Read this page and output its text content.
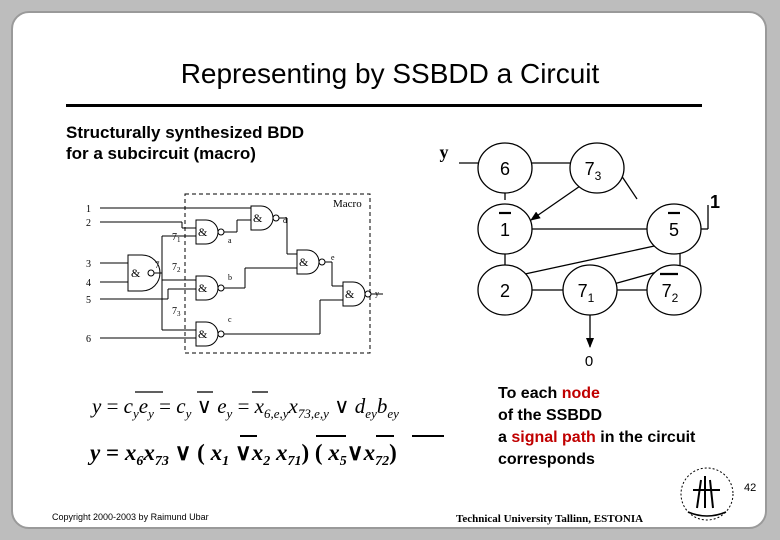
Representing by SSBDD a Circuit
Structurally synthesized BDD
for a subcircuit (macro)
1
2
3
4
5
6
Macro
&
&
&
&
&
&
&
7
$7_1$
$7_2$
$7_3$
a
b
c
d
e
y
y
1
0
6	$7_3$
1	5
2	$7_1$	$7_2$
$y = c_ye_y = c_y$ ∨ $e_y = x_{6,e,y}x_{73,e,y}$ ∨ $d_{ey}b_{ey}$
$y = x_6x_{73}$ ∨ ( $x_1$ $\vee x_2$ $x_{71}$) ( $x_5\vee x_{72}$)
To each node
of the SSBDD
a signal path in the circuit
corresponds
42
Copyright 2000-2003 by Raimund Ubar	Technical University Tallinn, ESTONIA
